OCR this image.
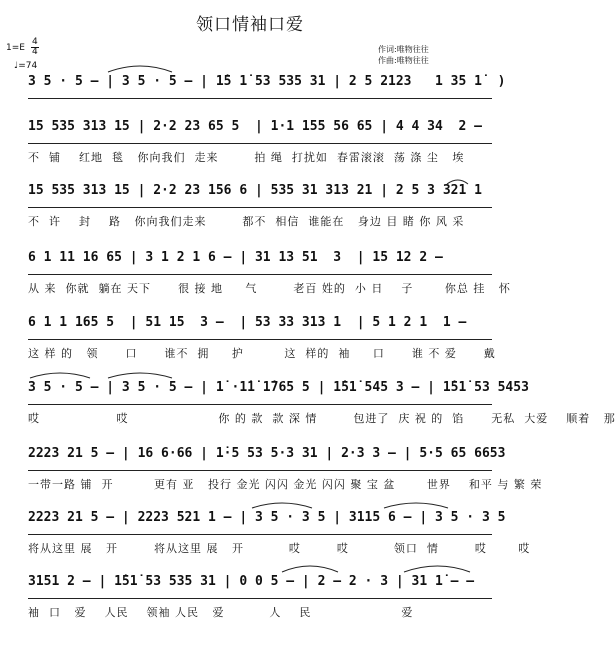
领口情袖口爱
$1=E \frac{4}{4}$
♩=74
作词:唯物往往
作曲:唯物往往
3 5 · 5 – | 3 5 · 5 – | 1̇5 1̇ 53 535 31 | 2 5 2123   1 35 1̇  )
15 535 313 15 | 2·2 23 65 5  | 1·1 155 56 65 | 4 4 34  2 –
不  铺    红地  毯   你向我们  走来        拍 绳  打扰如  春雷滚滚  荡 涤 尘   埃
15 535 313 15 | 2·2 23 156 6 | 535 31 313 21 | 2 5 3 321 1
不  许    封    路   你向我们走来        都不  相信  谁能在   身边 目 睹 你 风 采
6 1 11 16 65 | 3 1 2 1 6 – | 31 13 51  3  | 15 12 2 –
从 来  你就  躺在 天下      很 接 地     气        老百 姓的  小 日    子       你总 挂   怀
6 1 1 165 5  | 51 15  3 –  | 53 33 313 1  | 5 1 2 1  1 –
这 样 的   领      口      谁不  拥     护         这  样的  袖     口      谁 不 爱      戴
3 5 · 5 – | 3 5 · 5 – | 1̇ ·1̇1̇ 1̇765 5 | 1̇51̇ 545 3 – | 1̇51̇ 53 5453
哎                 哎                    你 的 款  款 深 情        包进了  庆 祝 的  馅      无私  大爱    顺着   那
2223 21 5 – | 16 6·66 | 1̇·5 53 5·3 31 | 2·3 3 – | 5·5 65 6653
一带一路 铺  开         更有 亚   投行 金光 闪闪 金光 闪闪 聚 宝 盆       世界    和平 与 繁 荣
2223 21 5 – | 2223 521 1 – | 3 5 · 3 5 | 3115 6 – | 3 5 · 3 5
将从这里 展   开        将从这里 展   开          哎        哎          领口  情        哎       哎
3151 2 – | 1̇51̇ 53 535 31 | 0 0 5 – | 2 – 2 · 3 | 31 1̇ – –
袖  口   爱    人民    领袖 人民   爱          人    民                    爱
